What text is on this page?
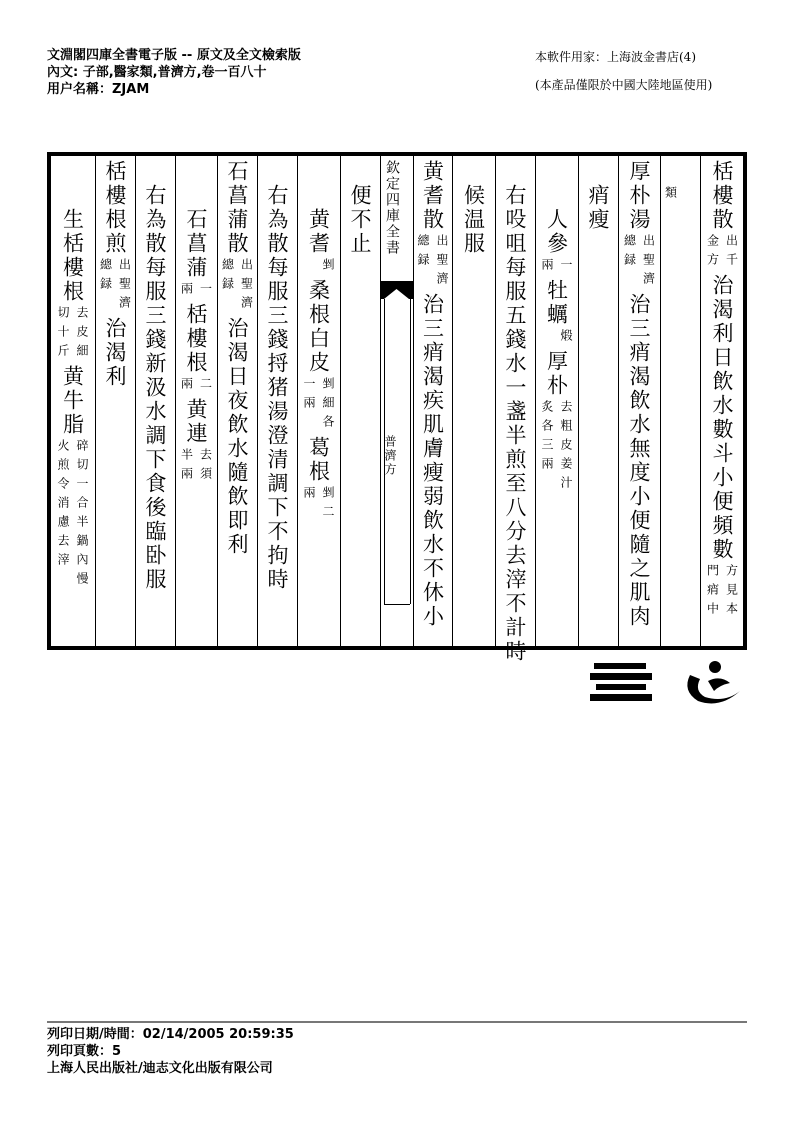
文淵閣四庫全書電子版 -- 原文及全文檢索版
內文: 子部,醫家類,普濟方,卷一百八十
用户名稱：ZJAM
本軟件用家：上海波金書店(4)
(本產品僅限於中國大陸地區使用)
栝樓散
出千
金方
治渴利日飲水數斗小便頻數
方見本
門痟中
類
厚朴湯
出聖濟
總録
治三痟渴飲水無度小便隨之肌肉
痟瘦
人參
一
兩
牡蠣
煅
厚朴
去粗皮姜汁
炙各三兩
右吺咀每服五錢水一盞半煎至八分去滓不計時
候温服
黄耆散
出聖濟
總録
治三痟渴疾肌膚瘦弱飲水不休小
便不止
黄耆
剉
桑根白皮
剉細各
一兩
葛根
剉二
兩
右為散每服三錢捋猪湯澄清調下不拘時
石菖蒲散
出聖濟
總録
治渴日夜飲水隨飲即利
石菖蒲
一
兩
栝樓根
二
兩
黄連
去須
半兩
右為散每服三錢新汲水調下食後臨卧服
栝樓根煎
出聖濟
總録
治渴利
生栝樓根
去皮細
切十斤
黄牛脂
碎切一合半鍋內慢
火煎令消慮去滓
欽定四庫全書
普濟方
列印日期/時間：02/14/2005 20:59:35
列印頁數：5
上海人民出版社/迪志文化出版有限公司
